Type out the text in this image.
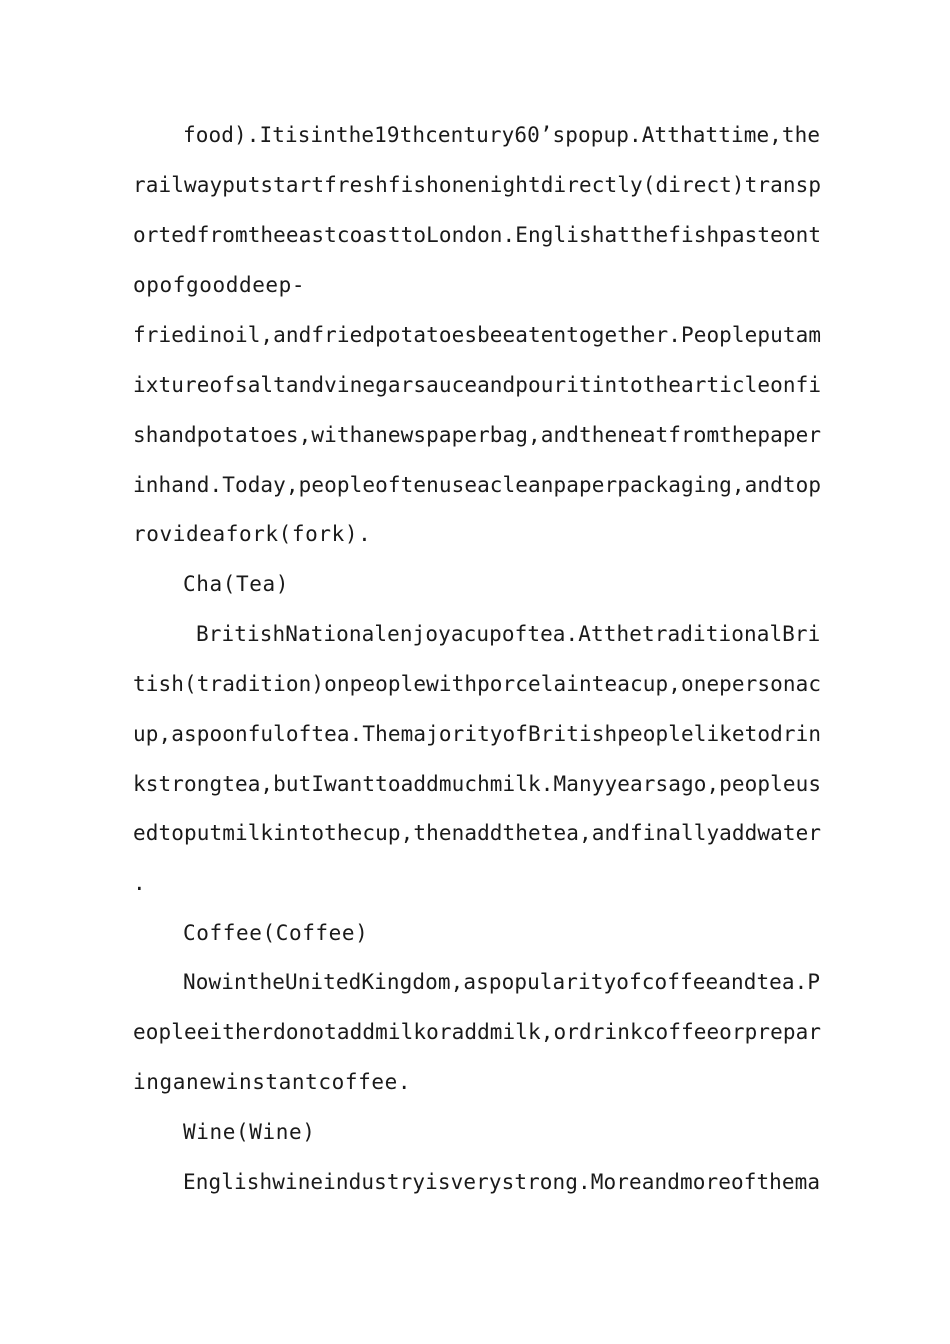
food).Itisinthe19thcentury60’spopup.Atthattime,the
railwayputstartfreshfishonenightdirectly(direct)transp
ortedfromtheeastcoasttoLondon.Englishatthefishpasteont
opofgooddeep-
friedinoil,andfriedpotatoesbeeatentogether.Peopleputam
ixtureofsaltandvinegarsauceandpouritintothearticleonfi
shandpotatoes,withanewspaperbag,andtheneatfromthepaper
inhand.Today,peopleoftenuseacleanpaperpackaging,andtop
rovideafork(fork).
Cha(Tea)
BritishNationalenjoyacupoftea.AtthetraditionalBri
tish(tradition)onpeoplewithporcelainteacup,onepersonac
up,aspoonfuloftea.ThemajorityofBritishpeopleliketodrin
kstrongtea,butIwanttoaddmuchmilk.Manyyearsago,peopleus
edtoputmilkintothecup,thenaddthetea,andfinallyaddwater
.
Coffee(Coffee)
NowintheUnitedKingdom,aspopularityofcoffeeandtea.P
eopleeitherdonotaddmilkoraddmilk,ordrinkcoffeeorprepar
inganewinstantcoffee.
Wine(Wine)
Englishwineindustryisverystrong.Moreandmoreofthema
